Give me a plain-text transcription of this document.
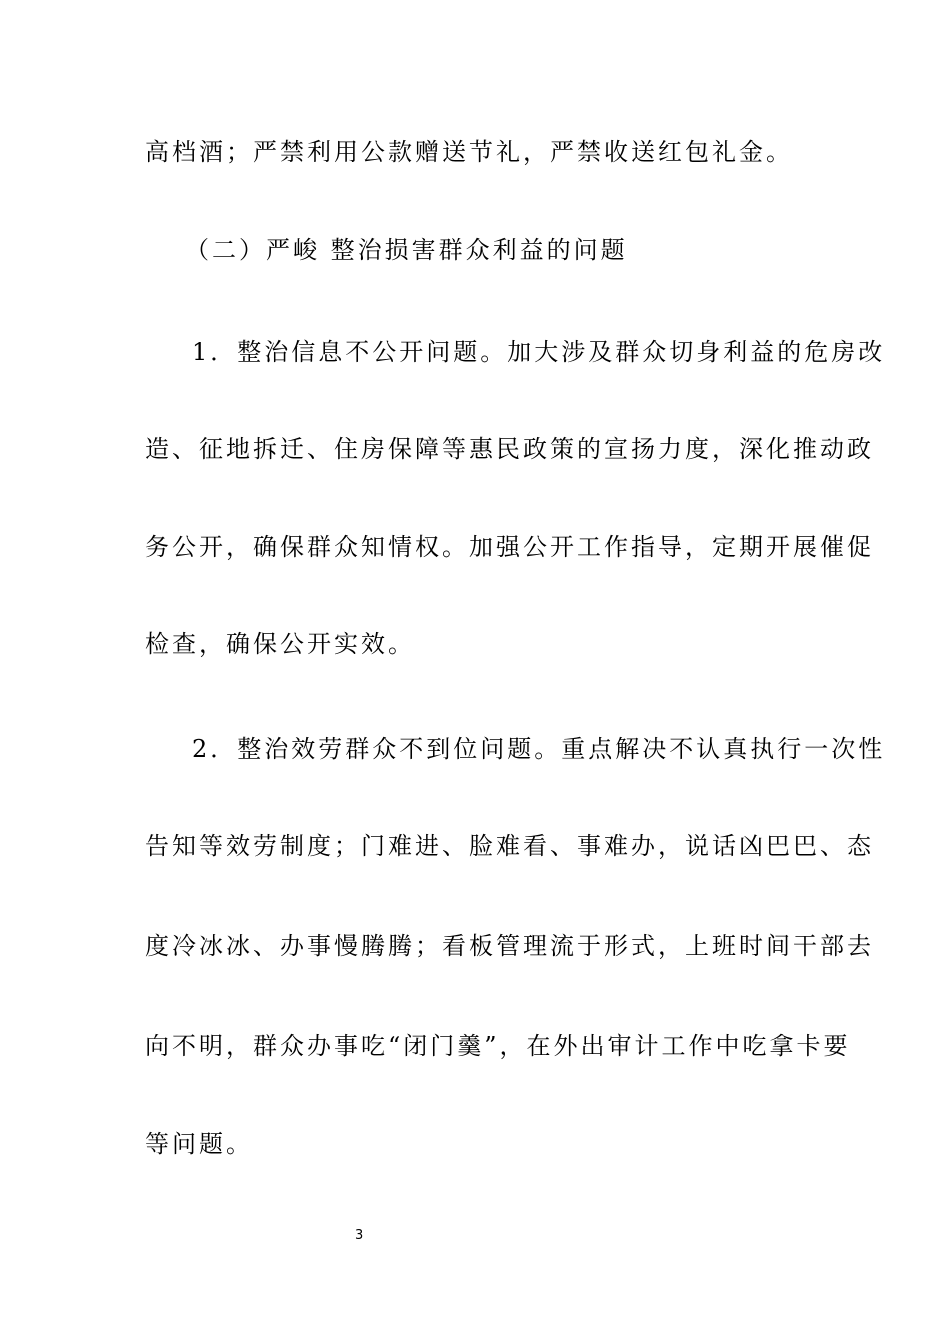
高档酒；严禁利用公款赠送节礼，严禁收送红包礼金。
（二）严峻 整治损害群众利益的问题
1．整治信息不公开问题。加大涉及群众切身利益的危房改
造、征地拆迁、住房保障等惠民政策的宣扬力度，深化推动政
务公开，确保群众知情权。加强公开工作指导，定期开展催促
检查，确保公开实效。
2．整治效劳群众不到位问题。重点解决不认真执行一次性
告知等效劳制度；门难进、脸难看、事难办，说话凶巴巴、态
度冷冰冰、办事慢腾腾；看板管理流于形式，上班时间干部去
向不明，群众办事吃“闭门羹”，在外出审计工作中吃拿卡要
等问题。
3
